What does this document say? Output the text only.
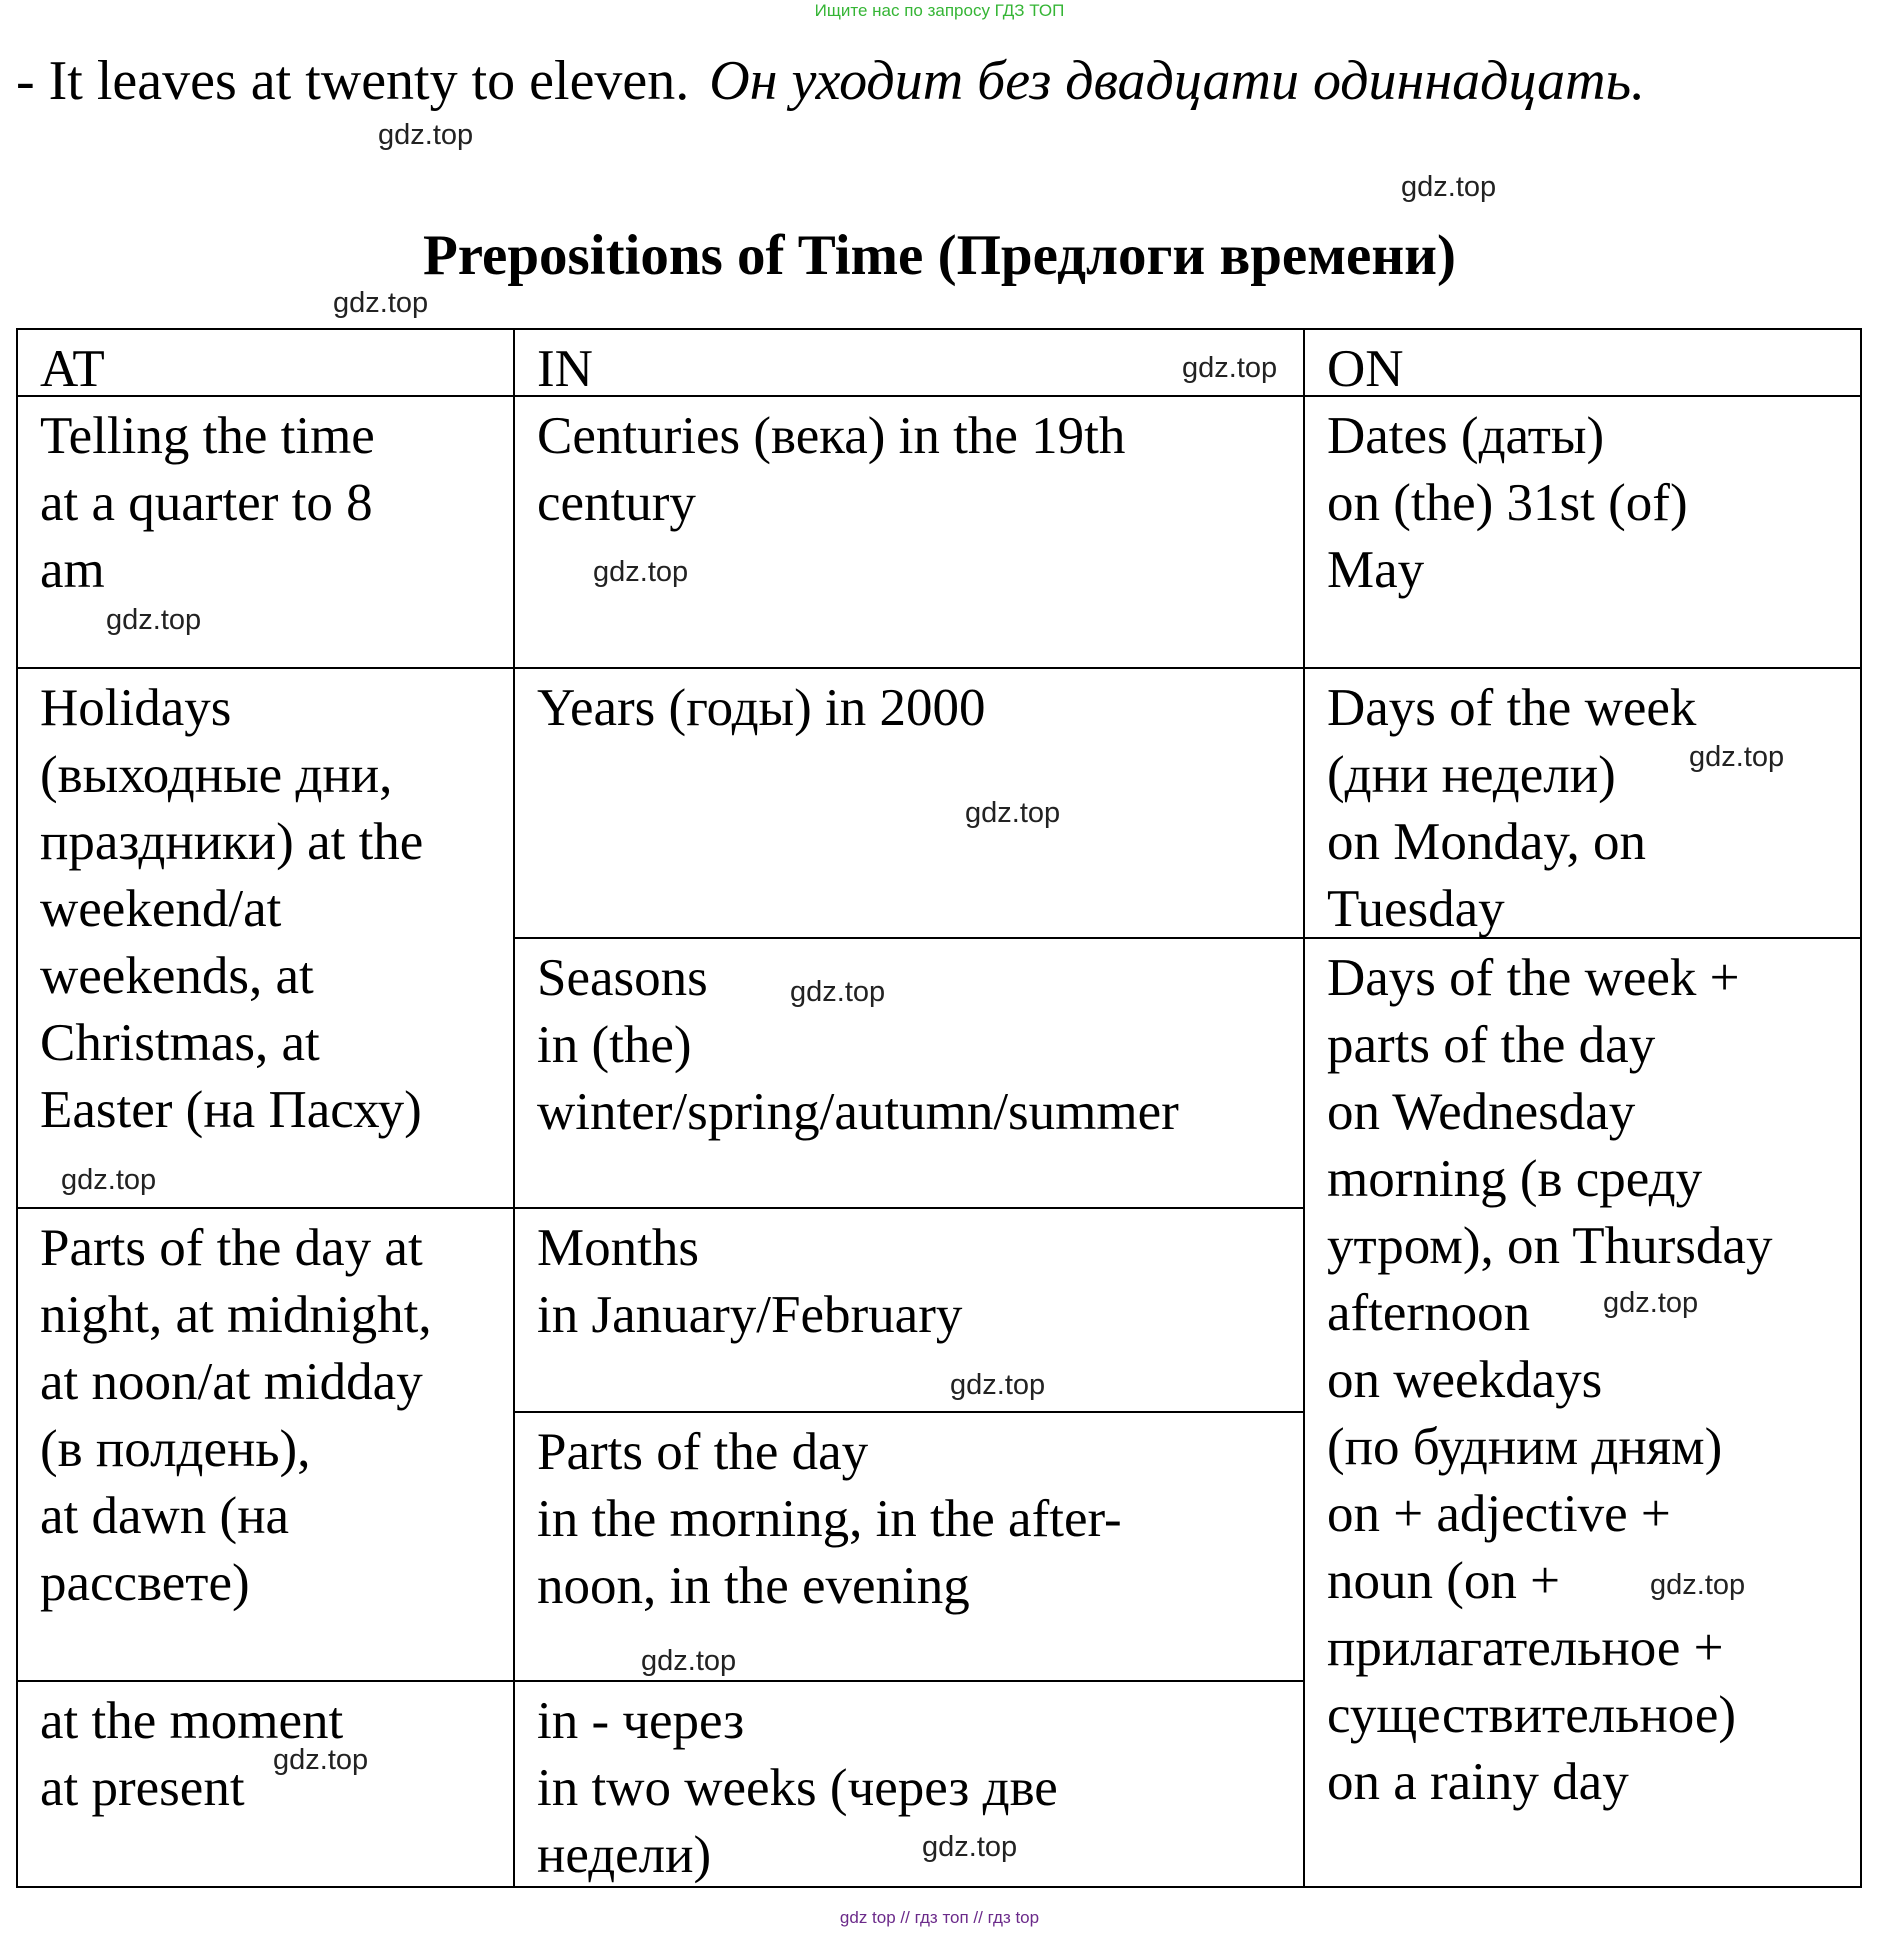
Ищите нас по запросу ГДЗ ТОП
- It leaves at twenty to eleven. Он уходит без двадцати одиннадцать.
Prepositions of Time (Предлоги времени)
AT	IN	ON
Telling the time
at a quarter to 8
am
Holidays
(выходные дни,
праздники) at the
weekend/at
weekends, at
Christmas, at
Easter (на Пасху)
Parts of the day at
night, at midnight,
at noon/at midday
(в полдень),
at dawn (на
рассвете)
at the moment
at present
Centuries (века) in the 19th
century
Years (годы) in 2000
Seasons
in (the)
winter/spring/autumn/summer
Months
in January/February
Parts of the day
in the morning, in the after-
noon, in the evening
in - через
in two weeks (через две
недели)
Dates (даты)
on (the) 31st (of)
May
Days of the week
(дни недели)
on Monday, on
Tuesday
Days of the week +
parts of the day
on Wednesday
morning (в среду
утром), on Thursday
afternoon
on weekdays
(по будним дням)
on + adjective +
noun (on +
прилагательное +
существительное)
on a rainy day
gdz.top
gdz.top
gdz.top
gdz.top
gdz.top
gdz.top
gdz.top
gdz.top
gdz.top
gdz.top
gdz.top
gdz.top
gdz.top
gdz.top
gdz.top
gdz.top
gdz top // гдз топ // гдз top
